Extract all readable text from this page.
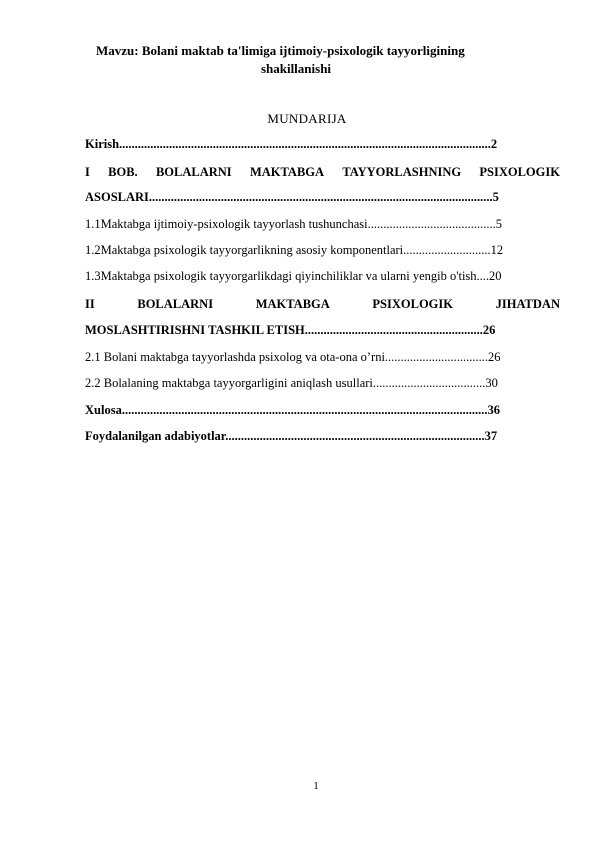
Mavzu: Bolani maktab ta'limiga ijtimoiy-psixologik tayyorligining
shakillanishi
MUNDARIJA
Kirish.......................................................................................................................2
I BOB. BOLALARNI MAKTABGA TAYYORLASHNING PSIXOLOGIK
ASOSLARI..............................................................................................................5
1.1Maktabga ijtimoiy-psixologik tayyorlash tushunchasi.........................................5
1.2Maktabga psixologik tayyorgarlikning asosiy komponentlari............................12
1.3Maktabga psixologik tayyorgarlikdagi qiyinchiliklar va ularni yengib o'tish....20
II	BOLALARNI	MAKTABGA	PSIXOLOGIK	JIHATDAN
MOSLASHTIRISHNI TASHKIL ETISH.........................................................26
2.1 Bolani maktabga tayyorlashda psixolog va ota-ona o’rni.................................26
2.2 Bolalaning maktabga tayyorgarligini aniqlash usullari....................................30
Xulosa.....................................................................................................................36
Foydalanilgan adabiyotlar...................................................................................37
1
